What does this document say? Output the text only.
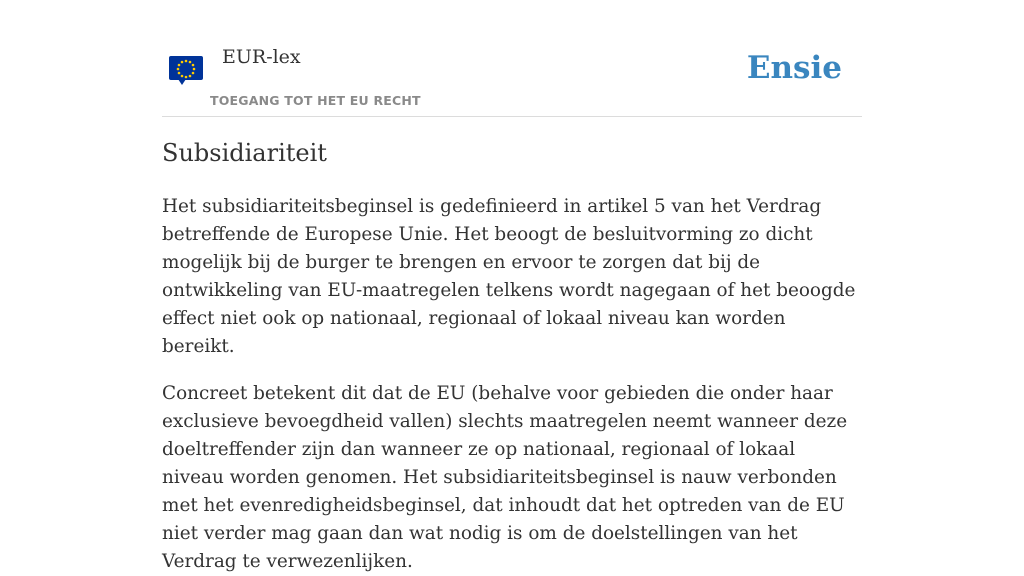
EUR-lex
TOEGANG TOT HET EU RECHT
Ensie
Subsidiariteit

Het subsidiariteitsbeginsel is gedefinieerd in artikel 5 van het Verdrag betreffende de Europese Unie. Het beoogt de besluitvorming zo dicht mogelijk bij de burger te brengen en ervoor te zorgen dat bij de ontwikkeling van EU-maatregelen telkens wordt nagegaan of het beoogde effect niet ook op nationaal, regionaal of lokaal niveau kan worden bereikt.

Concreet betekent dit dat de EU (behalve voor gebieden die onder haar exclusieve bevoegdheid vallen) slechts maatregelen neemt wanneer deze doeltreffender zijn dan wanneer ze op nationaal, regionaal of lokaal niveau worden genomen. Het subsidiariteitsbeginsel is nauw verbonden met het evenredigheidsbeginsel, dat inhoudt dat het optreden van de EU niet verder mag gaan dan wat nodig is om de doelstellingen van het Verdrag te verwezenlijken.
